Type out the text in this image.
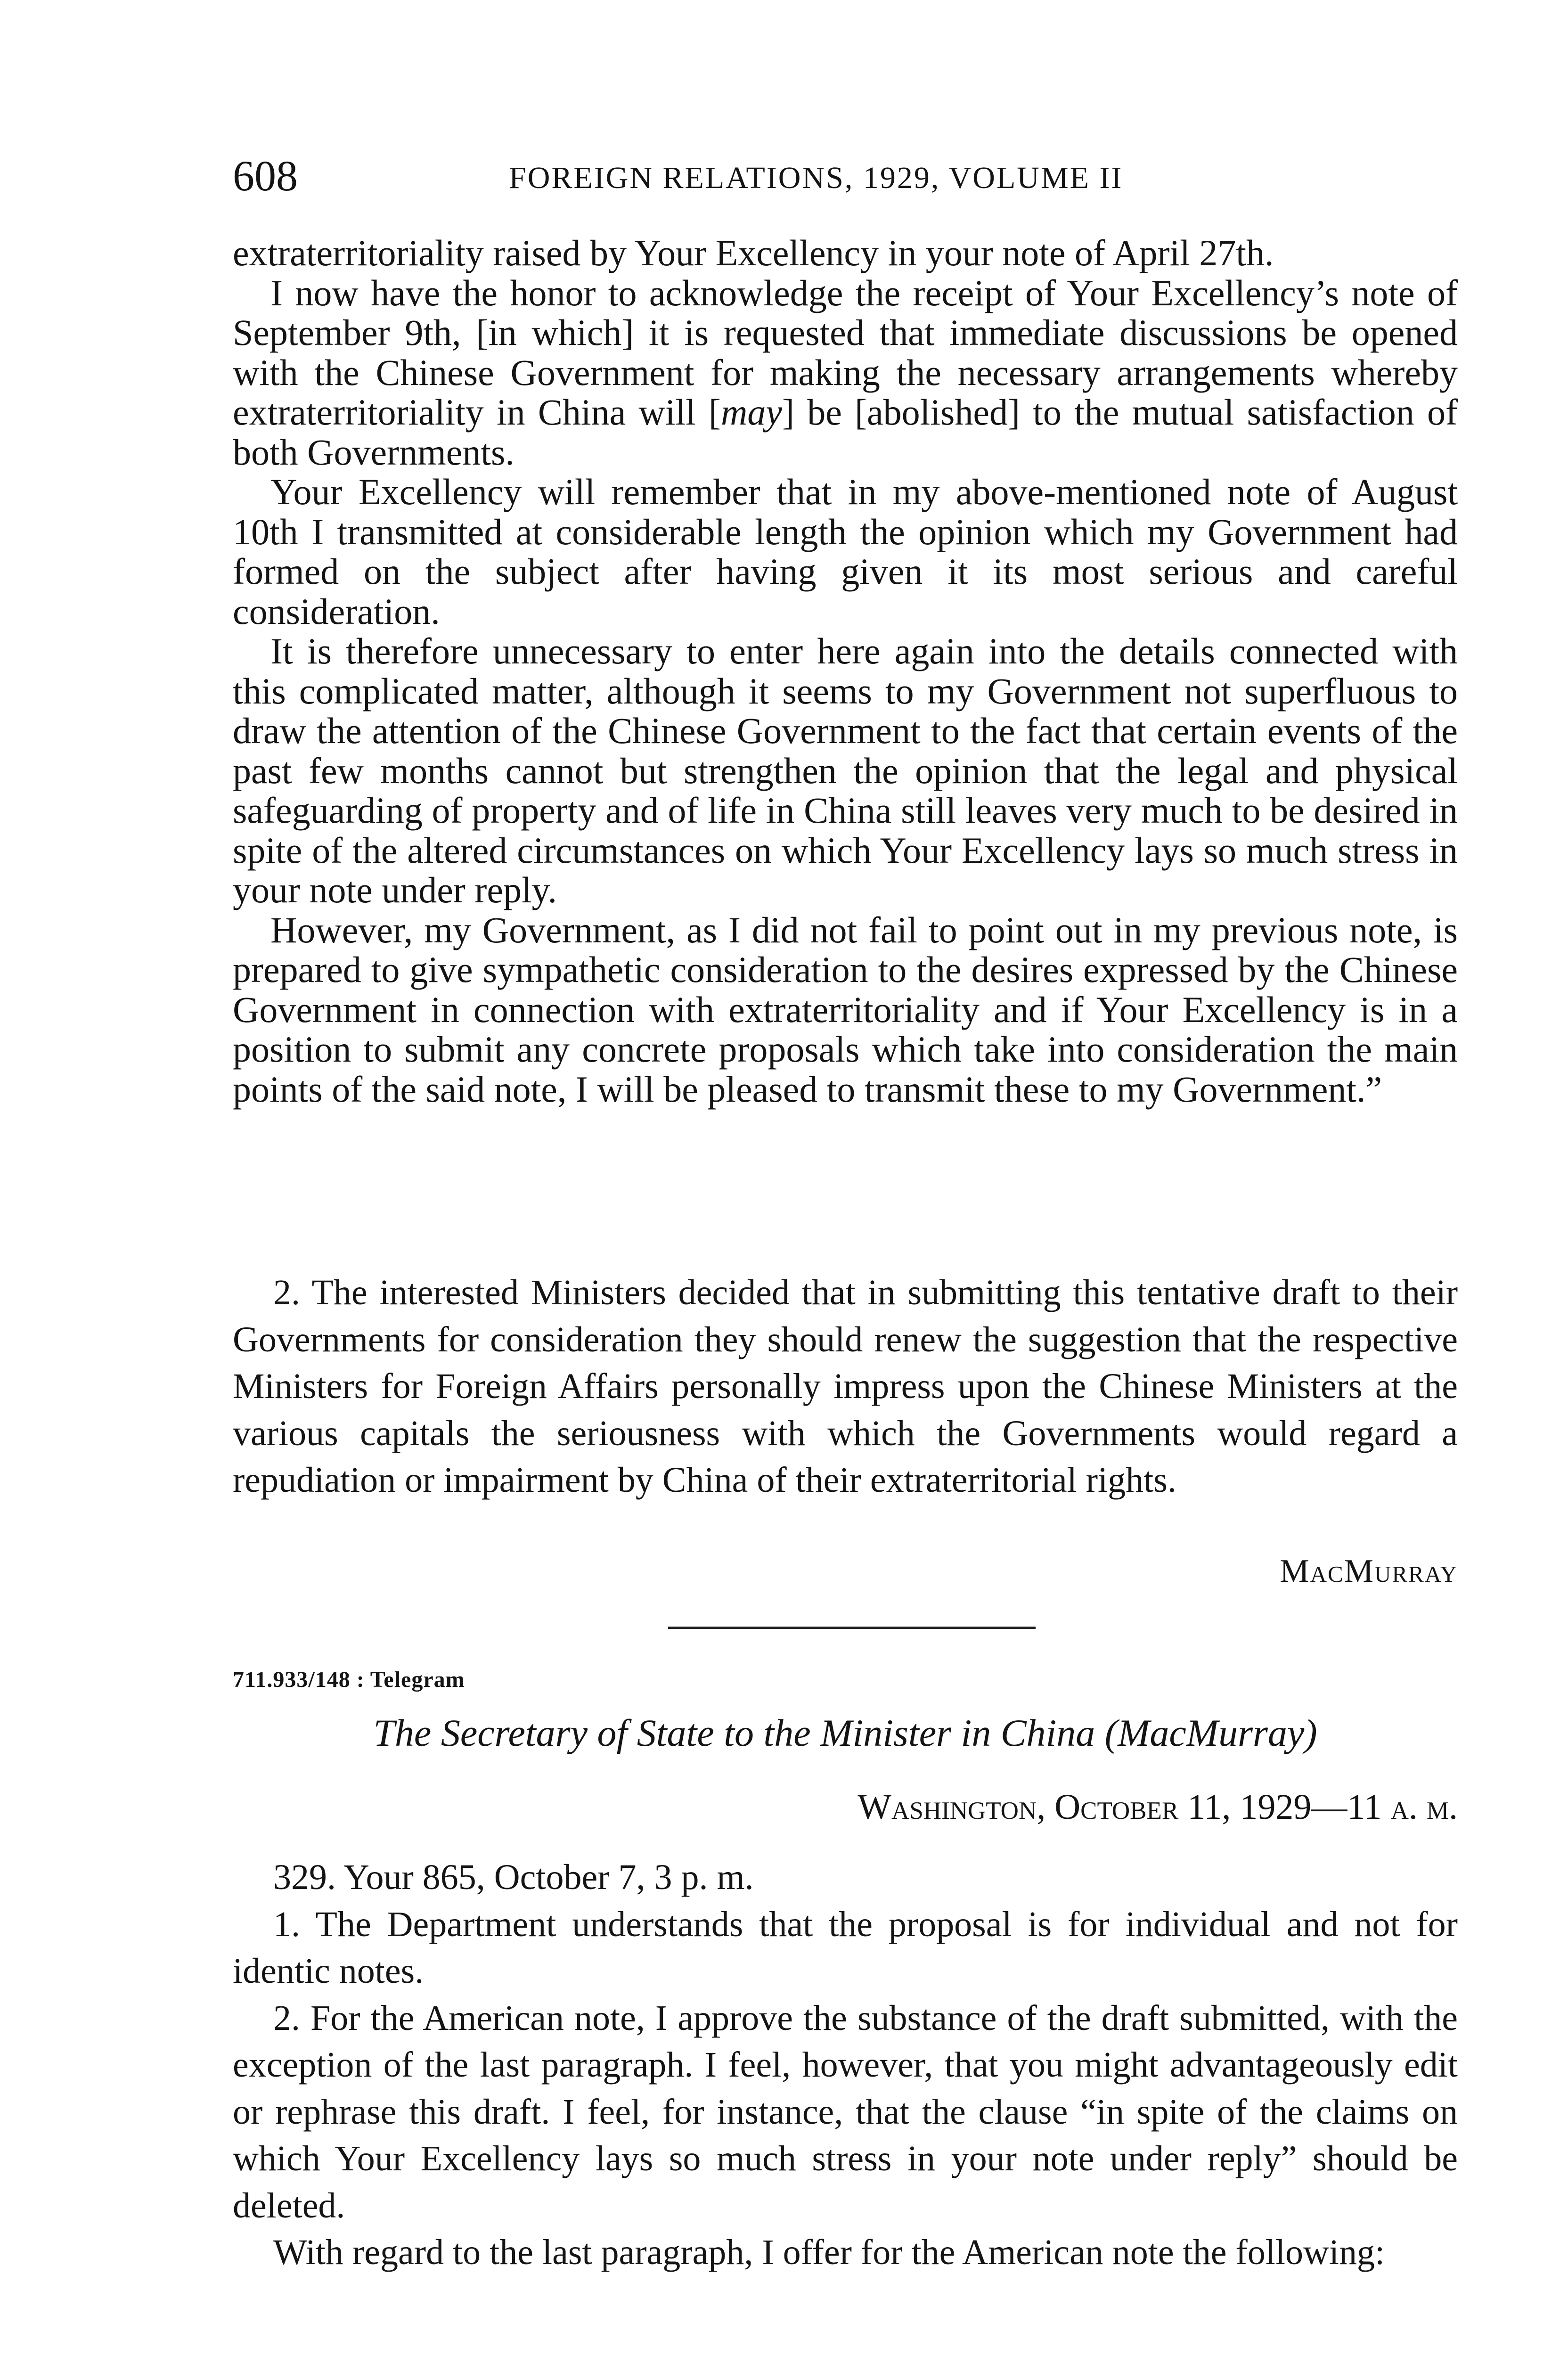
608	FOREIGN RELATIONS, 1929, VOLUME II

extraterritoriality raised by Your Excellency in your note of April 27th.

I now have the honor to acknowledge the receipt of Your Excellency’s note of September 9th, [in which] it is requested that immediate discussions be opened with the Chinese Government for making the necessary arrangements whereby extraterritoriality in China will [may] be [abolished] to the mutual satisfaction of both Governments.

Your Excellency will remember that in my above-mentioned note of August 10th I transmitted at considerable length the opinion which my Government had formed on the subject after having given it its most serious and careful consideration.

It is therefore unnecessary to enter here again into the details connected with this complicated matter, although it seems to my Government not superfluous to draw the attention of the Chinese Government to the fact that certain events of the past few months cannot but strengthen the opinion that the legal and physical safeguarding of property and of life in China still leaves very much to be desired in spite of the altered circumstances on which Your Excellency lays so much stress in your note under reply.

However, my Government, as I did not fail to point out in my previous note, is prepared to give sympathetic consideration to the desires expressed by the Chinese Government in connection with extraterritoriality and if Your Excellency is in a position to submit any concrete proposals which take into consideration the main points of the said note, I will be pleased to transmit these to my Government.”

2. The interested Ministers decided that in submitting this tentative draft to their Governments for consideration they should renew the suggestion that the respective Ministers for Foreign Affairs personally impress upon the Chinese Ministers at the various capitals the seriousness with which the Governments would regard a repudiation or impairment by China of their extraterritorial rights.

MacMurray
711.933/148 : Telegram
The Secretary of State to the Minister in China (MacMurray)
Washington, October 11, 1929—11 a. m.

329. Your 865, October 7, 3 p. m.

1. The Department understands that the proposal is for individual and not for identic notes.

2. For the American note, I approve the substance of the draft submitted, with the exception of the last paragraph. I feel, however, that you might advantageously edit or rephrase this draft. I feel, for instance, that the clause “in spite of the claims on which Your Excellency lays so much stress in your note under reply” should be deleted.

With regard to the last paragraph, I offer for the American note the following:
